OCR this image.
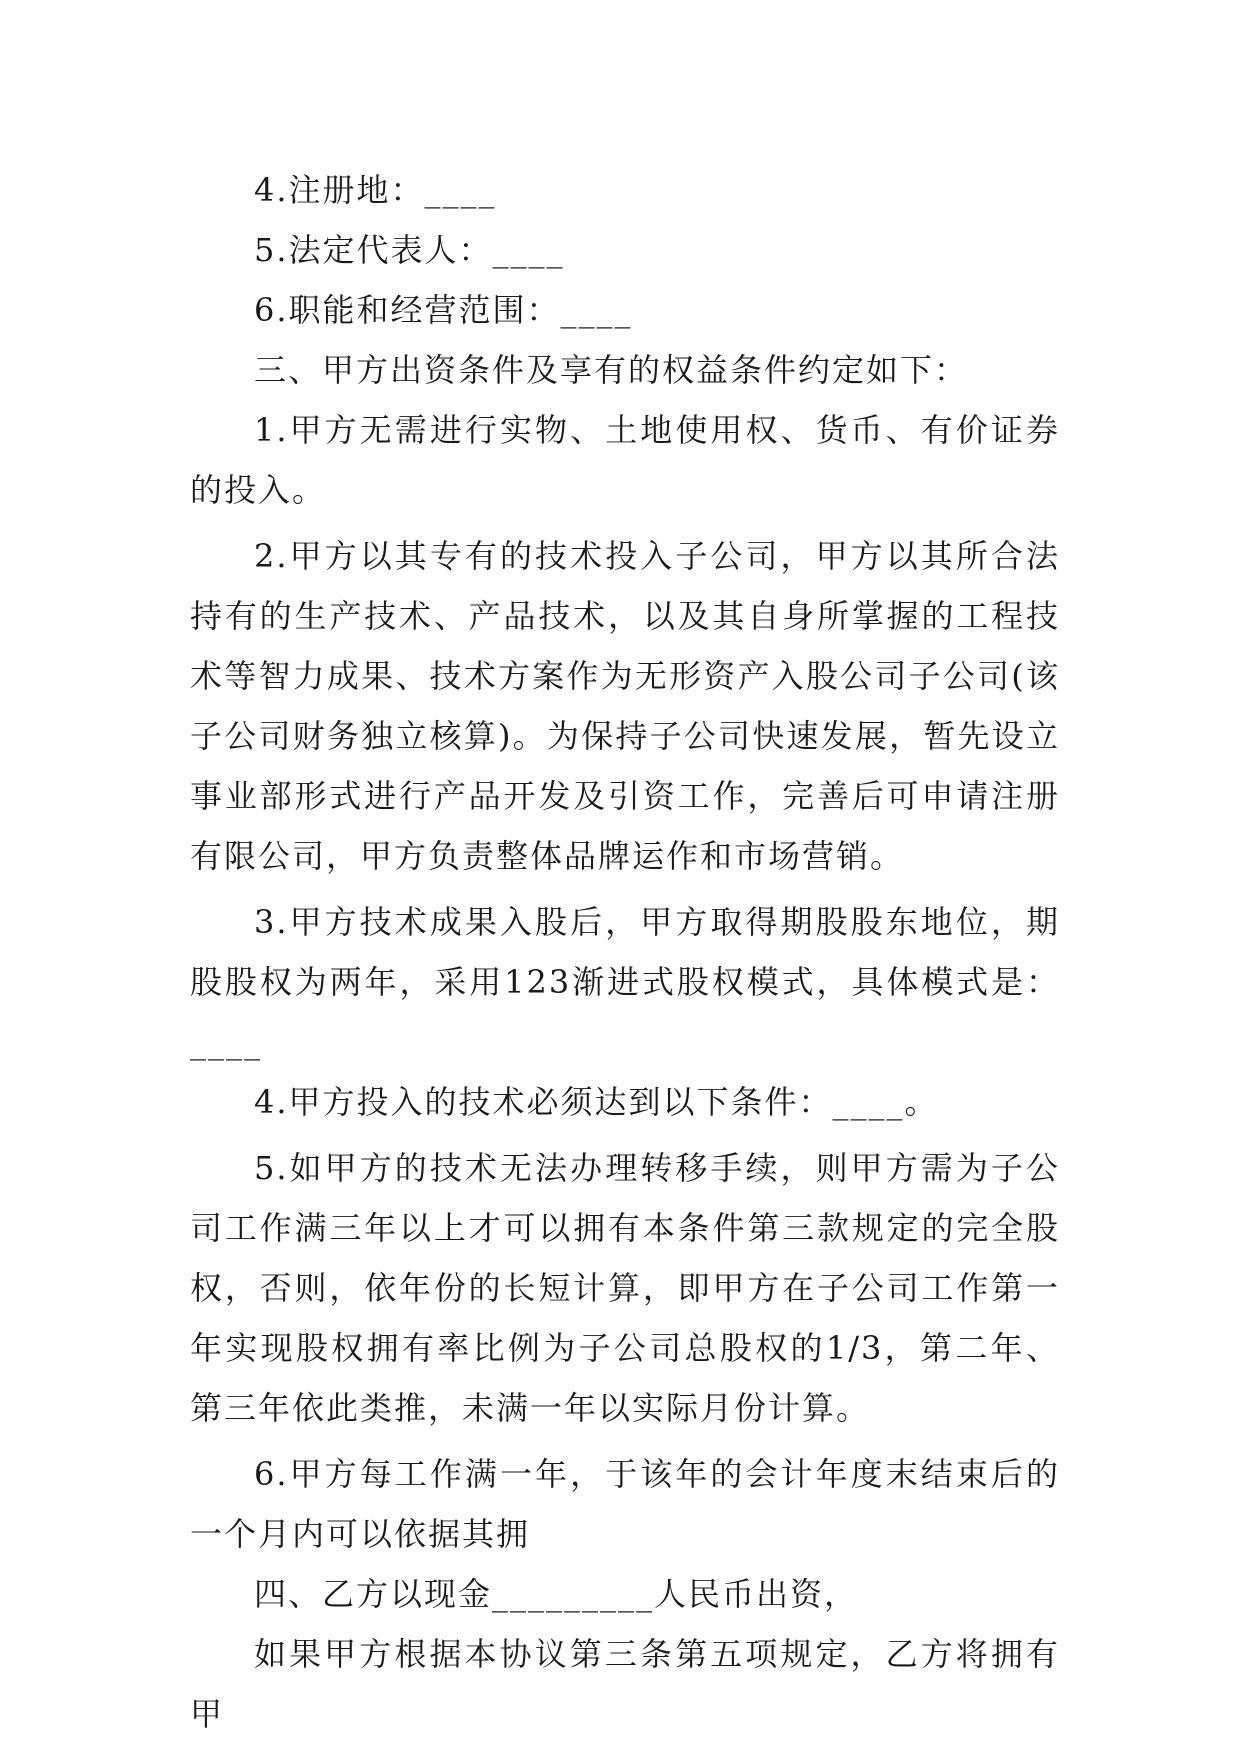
4.注册地：____

5.法定代表人：____

6.职能和经营范围：____

三、甲方出资条件及享有的权益条件约定如下：

1.甲方无需进行实物、土地使用权、货币、有价证券的投入。

2.甲方以其专有的技术投入子公司，甲方以其所合法持有的生产技术、产品技术，以及其自身所掌握的工程技术等智力成果、技术方案作为无形资产入股公司子公司(该子公司财务独立核算)。为保持子公司快速发展，暂先设立事业部形式进行产品开发及引资工作，完善后可申请注册有限公司，甲方负责整体品牌运作和市场营销。

3.甲方技术成果入股后，甲方取得期股股东地位，期股股权为两年，采用123渐进式股权模式，具体模式是：____

4.甲方投入的技术必须达到以下条件：____。

5.如甲方的技术无法办理转移手续，则甲方需为子公司工作满三年以上才可以拥有本条件第三款规定的完全股权，否则，依年份的长短计算，即甲方在子公司工作第一年实现股权拥有率比例为子公司总股权的1/3，第二年、第三年依此类推，未满一年以实际月份计算。

6.甲方每工作满一年，于该年的会计年度末结束后的一个月内可以依据其拥

四、乙方以现金_________人民币出资，

如果甲方根据本协议第三条第五项规定，乙方将拥有甲
